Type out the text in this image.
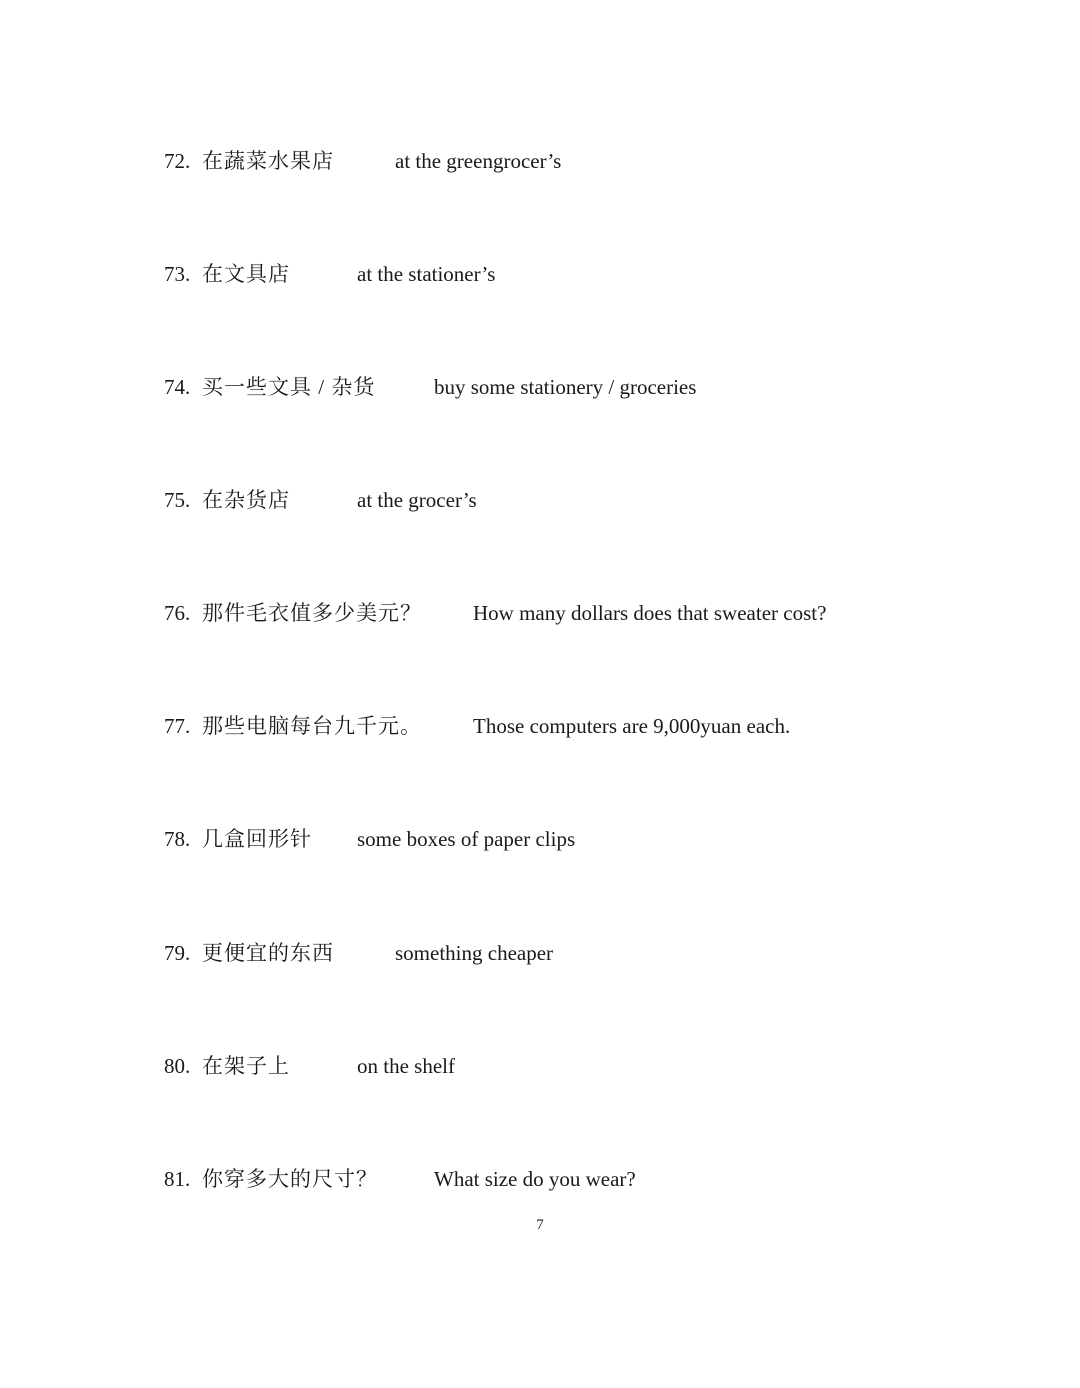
72. 在蔬菜水果店	at the greengrocer’s
73. 在文具店	at the stationer’s
74. 买一些文具 / 杂货	buy some stationery / groceries
75. 在杂货店	at the grocer’s
76. 那件毛衣值多少美元？ How many dollars does that sweater cost?
77. 那些电脑每台九千元。 Those computers are 9,000yuan each.
78. 几盒回形针 some boxes of paper clips
79. 更便宜的东西	something cheaper
80. 在架子上	on the shelf
81. 你穿多大的尺寸？	What size do you wear?
7
